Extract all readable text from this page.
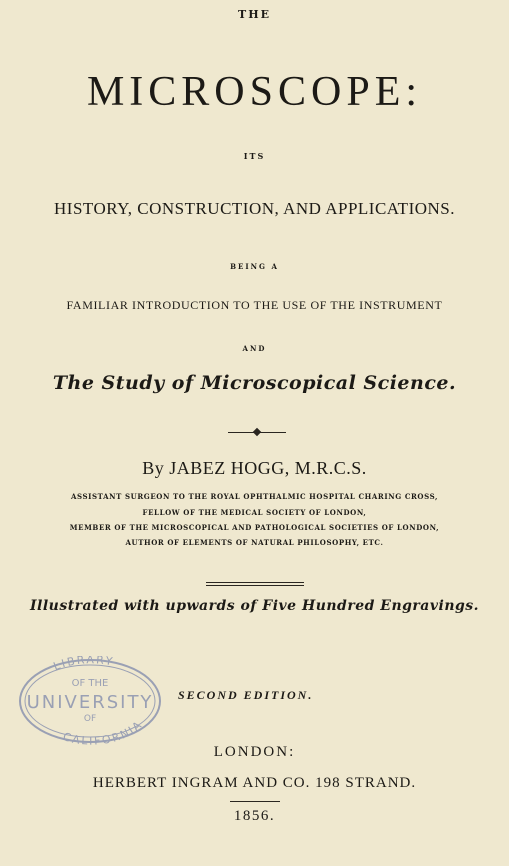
THE
MICROSCOPE:
ITS
HISTORY, CONSTRUCTION, AND APPLICATIONS.
BEING A
FAMILIAR INTRODUCTION TO THE USE OF THE INSTRUMENT
AND
The Study of Microscopical Science.
By JABEZ HOGG, M.R.C.S.
ASSISTANT SURGEON TO THE ROYAL OPHTHALMIC HOSPITAL CHARING CROSS,
FELLOW OF THE MEDICAL SOCIETY OF LONDON,
MEMBER OF THE MICROSCOPICAL AND PATHOLOGICAL SOCIETIES OF LONDON,
AUTHOR OF ELEMENTS OF NATURAL PHILOSOPHY, ETC.
Illustrated with upwards of Five Hundred Engravings.
LIBRARY
OF THE
UNIVERSITY
OF
CALIFORNIA
SECOND EDITION.
LONDON:
HERBERT INGRAM AND CO. 198 STRAND.
1856.
